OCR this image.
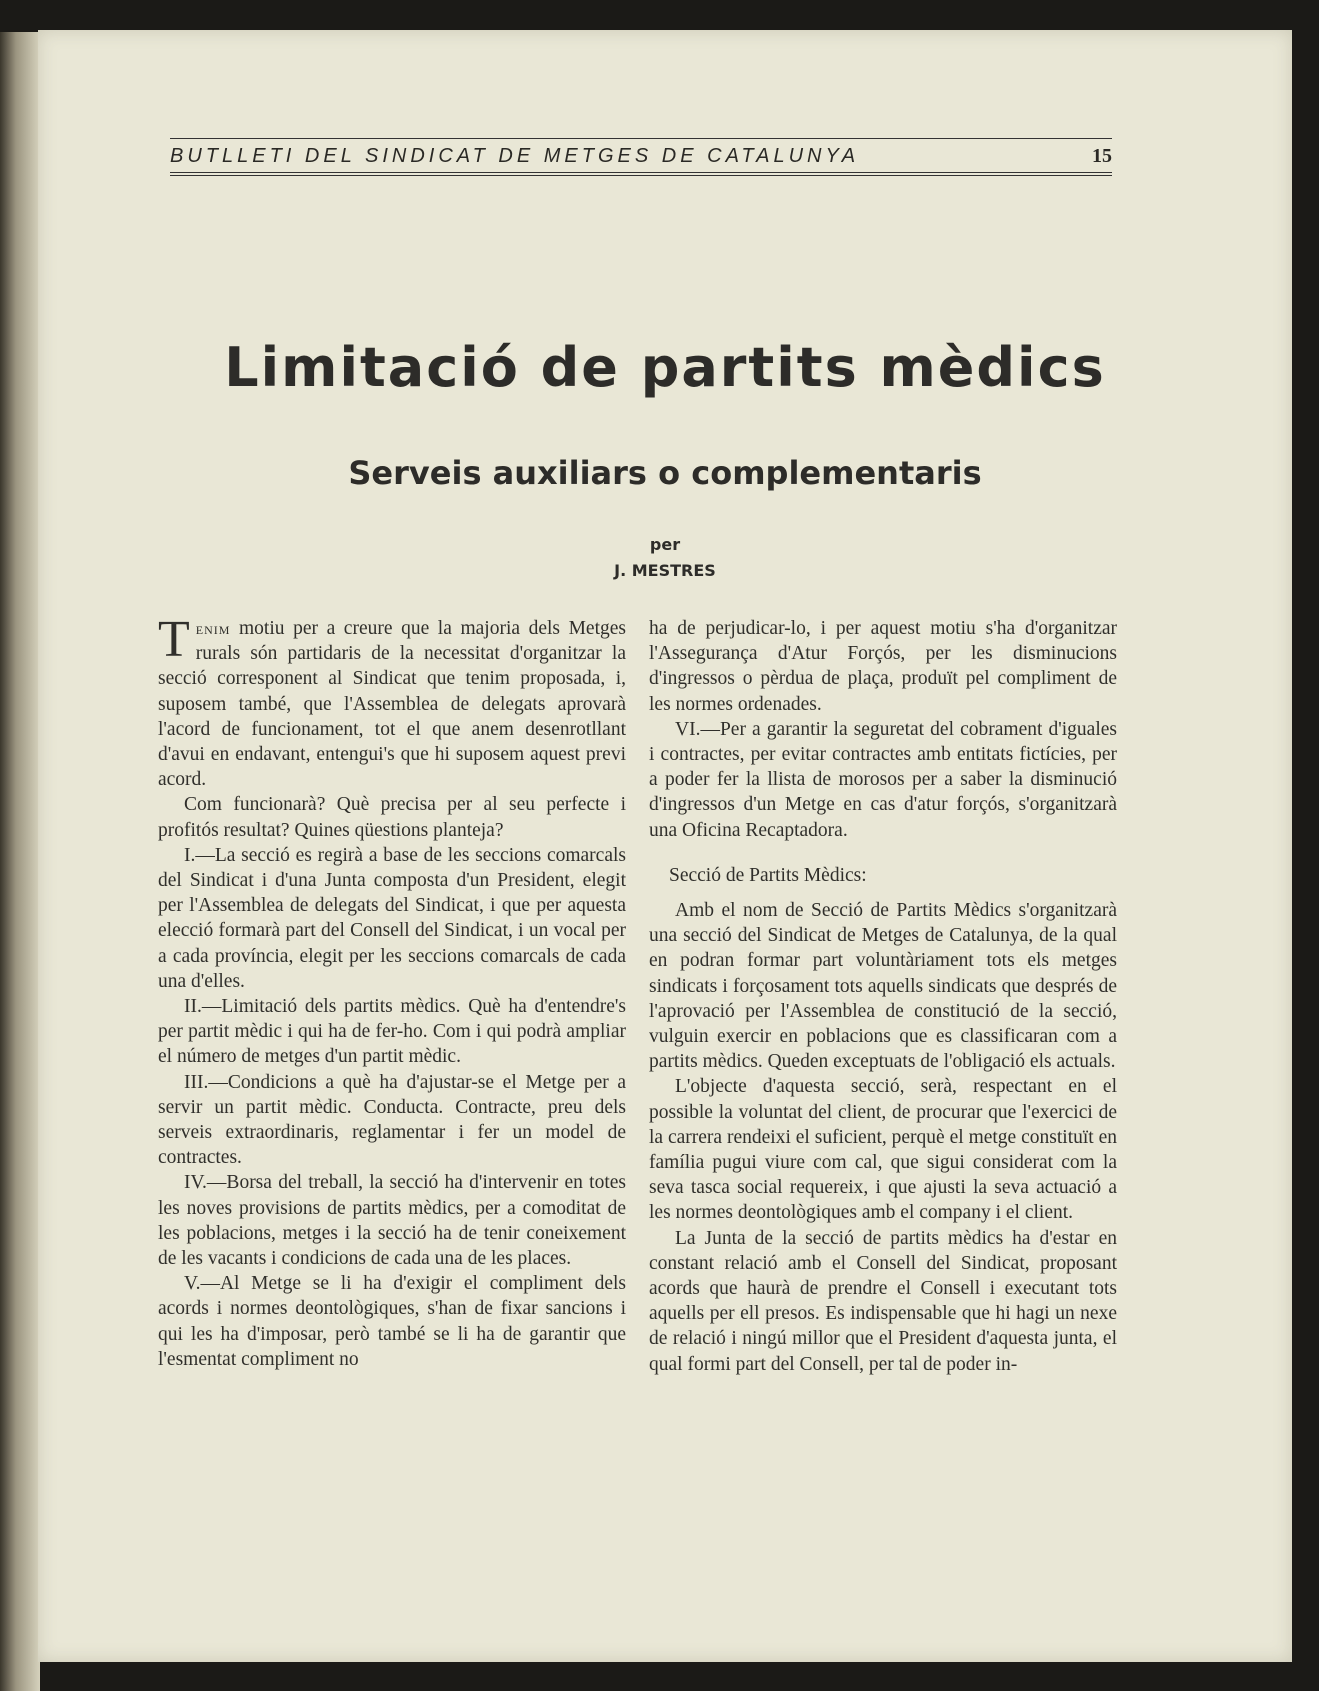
BUTLLETI DEL SINDICAT DE METGES DE CATALUNYA	15
Limitació de partits mèdics
Serveis auxiliars o complementaris
per
J. MESTRES

Tenim motiu per a creure que la majoria dels Metges rurals són partidaris de la necessitat d'organitzar la secció corresponent al Sindicat que tenim proposada, i, suposem també, que l'Assemblea de delegats aprovarà l'acord de funcionament, tot el que anem desenrotllant d'avui en endavant, entengui's que hi suposem aquest previ acord.

Com funcionarà? Què precisa per al seu perfecte i profitós resultat? Quines qüestions planteja?

I.—La secció es regirà a base de les seccions comarcals del Sindicat i d'una Junta composta d'un President, elegit per l'Assemblea de delegats del Sindicat, i que per aquesta elecció formarà part del Consell del Sindicat, i un vocal per a cada província, elegit per les seccions comarcals de cada una d'elles.

II.—Limitació dels partits mèdics. Què ha d'entendre's per partit mèdic i qui ha de fer-ho. Com i qui podrà ampliar el número de metges d'un partit mèdic.

III.—Condicions a què ha d'ajustar-se el Metge per a servir un partit mèdic. Conducta. Contracte, preu dels serveis extraordinaris, reglamentar i fer un model de contractes.

IV.—Borsa del treball, la secció ha d'intervenir en totes les noves provisions de partits mèdics, per a comoditat de les poblacions, metges i la secció ha de tenir coneixement de les vacants i condicions de cada una de les places.

V.—Al Metge se li ha d'exigir el compliment dels acords i normes deontològiques, s'han de fixar sancions i qui les ha d'imposar, però també se li ha de garantir que l'esmentat compliment no

ha de perjudicar-lo, i per aquest motiu s'ha d'organitzar l'Assegurança d'Atur Forçós, per les disminucions d'ingressos o pèrdua de plaça, produït pel compliment de les normes ordenades.

VI.—Per a garantir la seguretat del cobrament d'iguales i contractes, per evitar contractes amb entitats fictícies, per a poder fer la llista de morosos per a saber la disminució d'ingressos d'un Metge en cas d'atur forçós, s'organitzarà una Oficina Recaptadora.

Secció de Partits Mèdics:

Amb el nom de Secció de Partits Mèdics s'organitzarà una secció del Sindicat de Metges de Catalunya, de la qual en podran formar part voluntàriament tots els metges sindicats i forçosament tots aquells sindicats que després de l'aprovació per l'Assemblea de constitució de la secció, vulguin exercir en poblacions que es classificaran com a partits mèdics. Queden exceptuats de l'obligació els actuals.

L'objecte d'aquesta secció, serà, respectant en el possible la voluntat del client, de procurar que l'exercici de la carrera rendeixi el suficient, perquè el metge constituït en família pugui viure com cal, que sigui considerat com la seva tasca social requereix, i que ajusti la seva actuació a les normes deontològiques amb el company i el client.

La Junta de la secció de partits mèdics ha d'estar en constant relació amb el Consell del Sindicat, proposant acords que haurà de prendre el Consell i executant tots aquells per ell presos. Es indispensable que hi hagi un nexe de relació i ningú millor que el President d'aquesta junta, el qual formi part del Consell, per tal de poder in-
